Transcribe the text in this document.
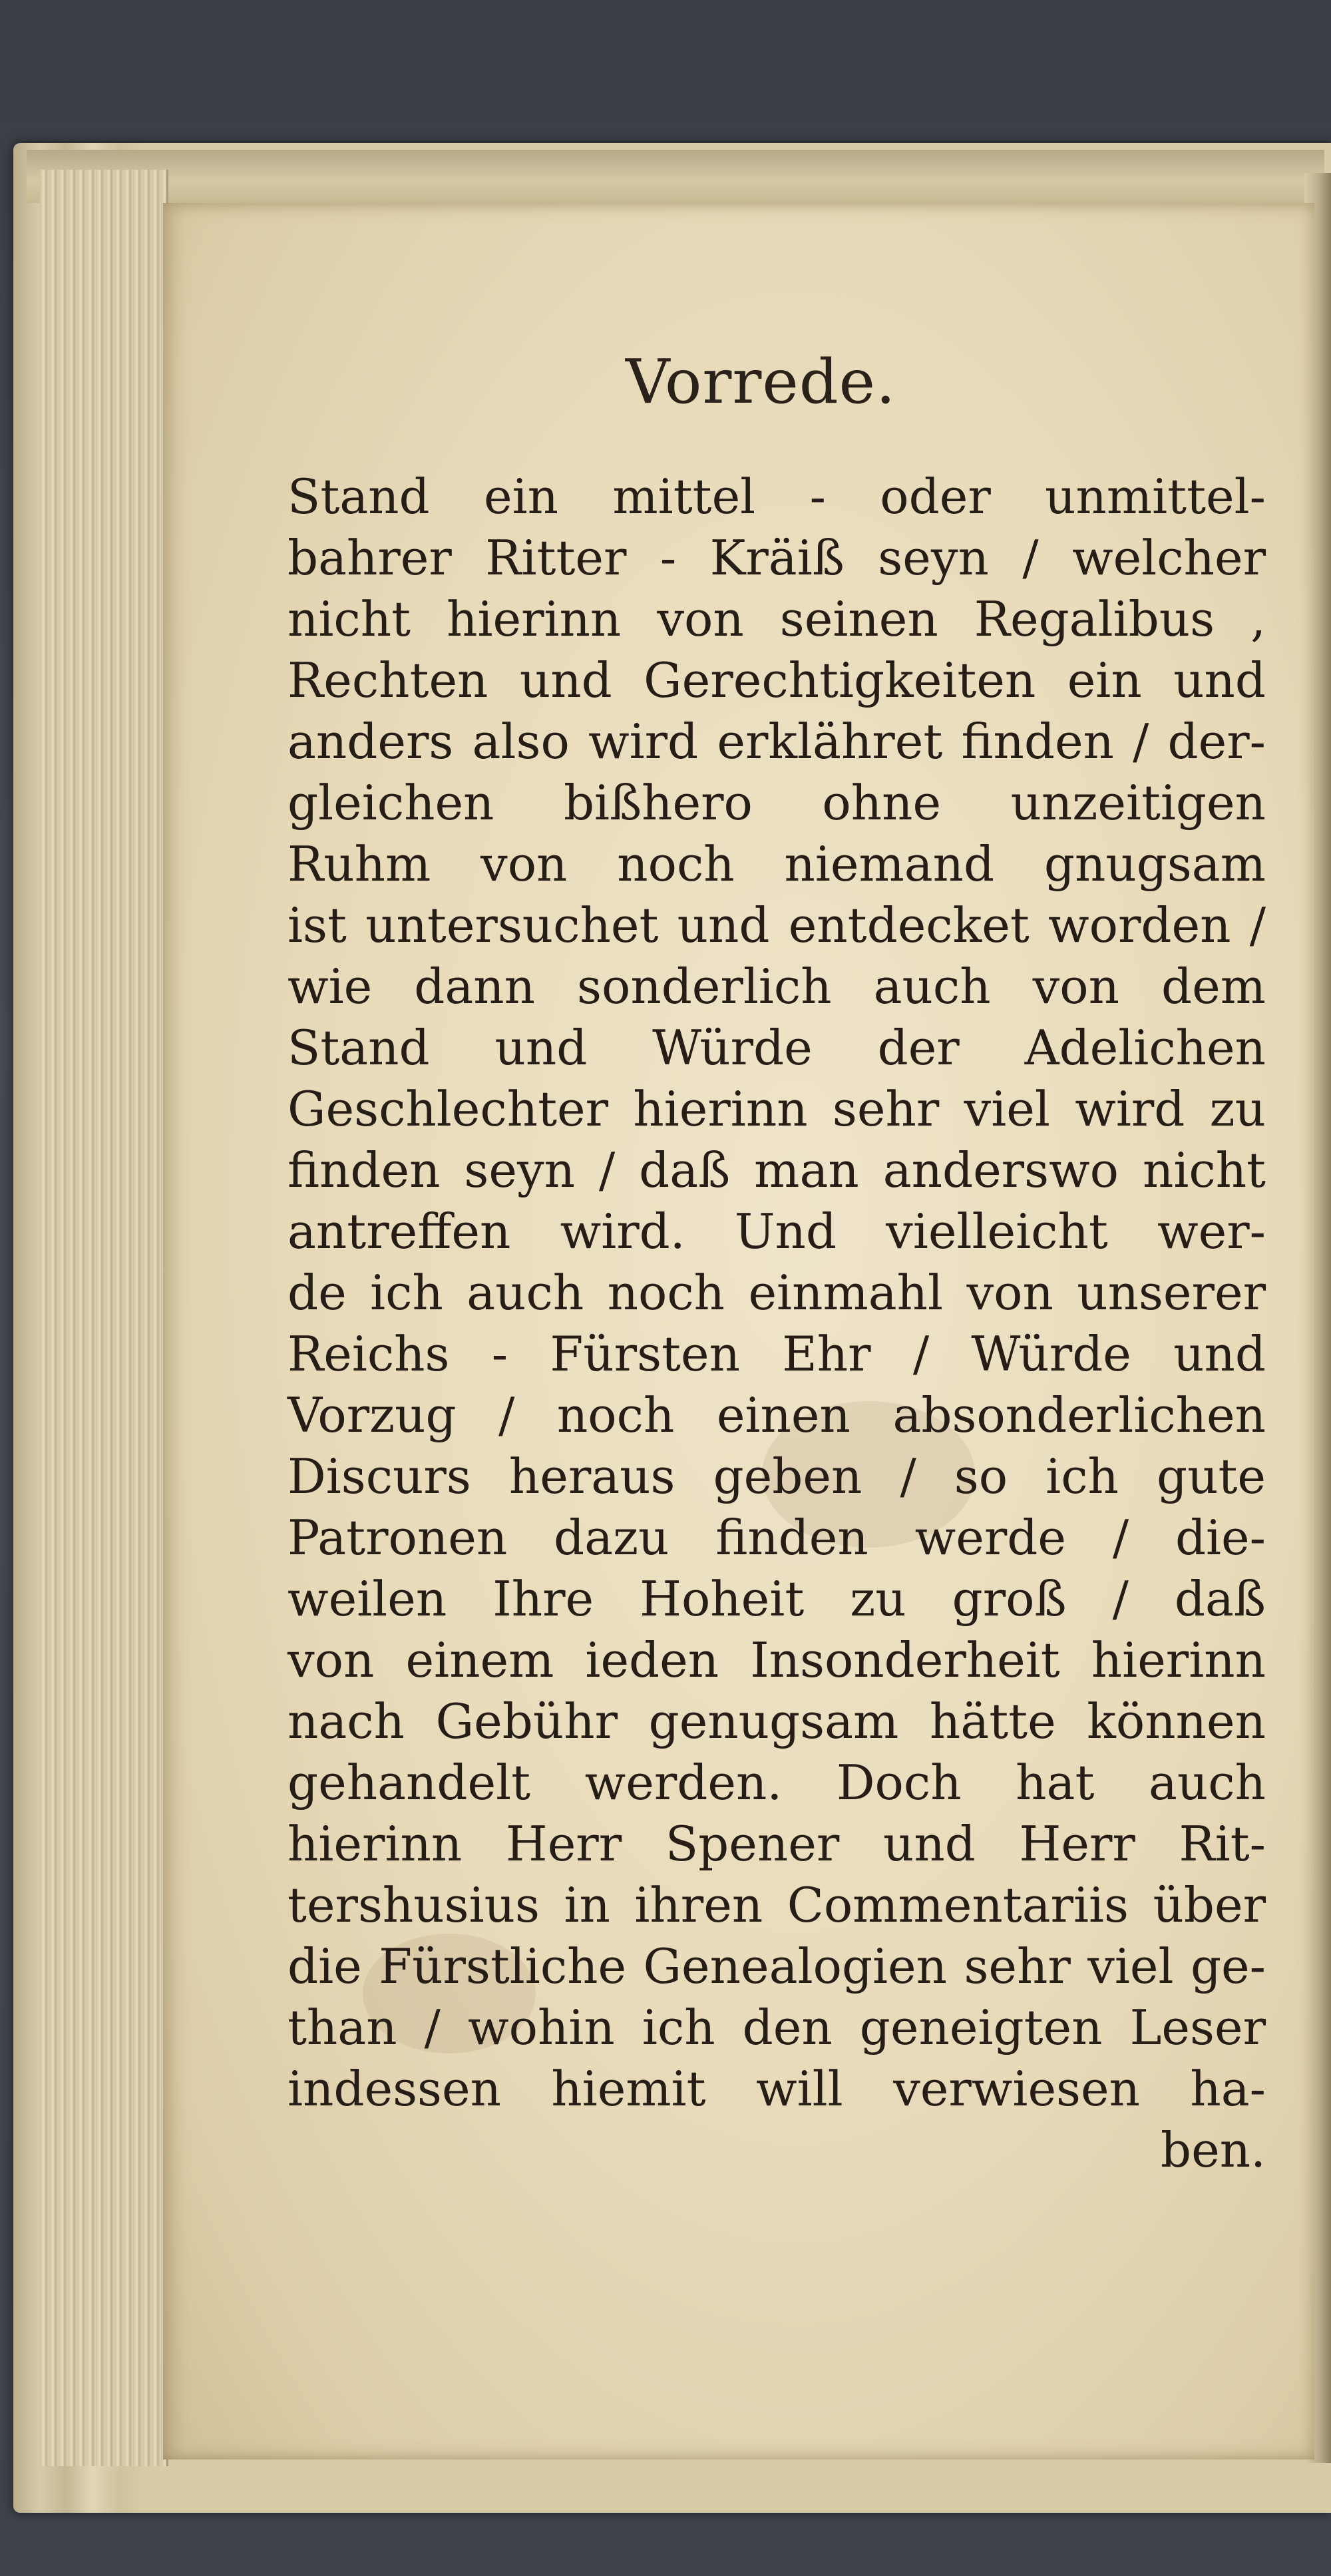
Vorrede.
Stand ein mittel - oder unmittel-
bahrer Ritter - Kräiß seyn / welcher
nicht hierinn von seinen Regalibus ,
Rechten und Gerechtigkeiten ein und
anders also wird erklähret finden / der-
gleichen bißhero ohne unzeitigen
Ruhm von noch niemand gnugsam
ist untersuchet und entdecket worden /
wie dann sonderlich auch von dem
Stand und Würde der Adelichen
Geschlechter hierinn sehr viel wird zu
finden seyn / daß man anderswo nicht
antreffen wird. Und vielleicht wer-
de ich auch noch einmahl von unserer
Reichs - Fürsten Ehr / Würde und
Vorzug / noch einen absonderlichen
Discurs heraus geben / so ich gute
Patronen dazu finden werde / die-
weilen Ihre Hoheit zu groß / daß
von einem ieden Insonderheit hierinn
nach Gebühr genugsam hätte können
gehandelt werden. Doch hat auch
hierinn Herr Spener und Herr Rit-
tershusius in ihren Commentariis über
die Fürstliche Genealogien sehr viel ge-
than / wohin ich den geneigten Leser
indessen hiemit will verwiesen ha-
ben.
